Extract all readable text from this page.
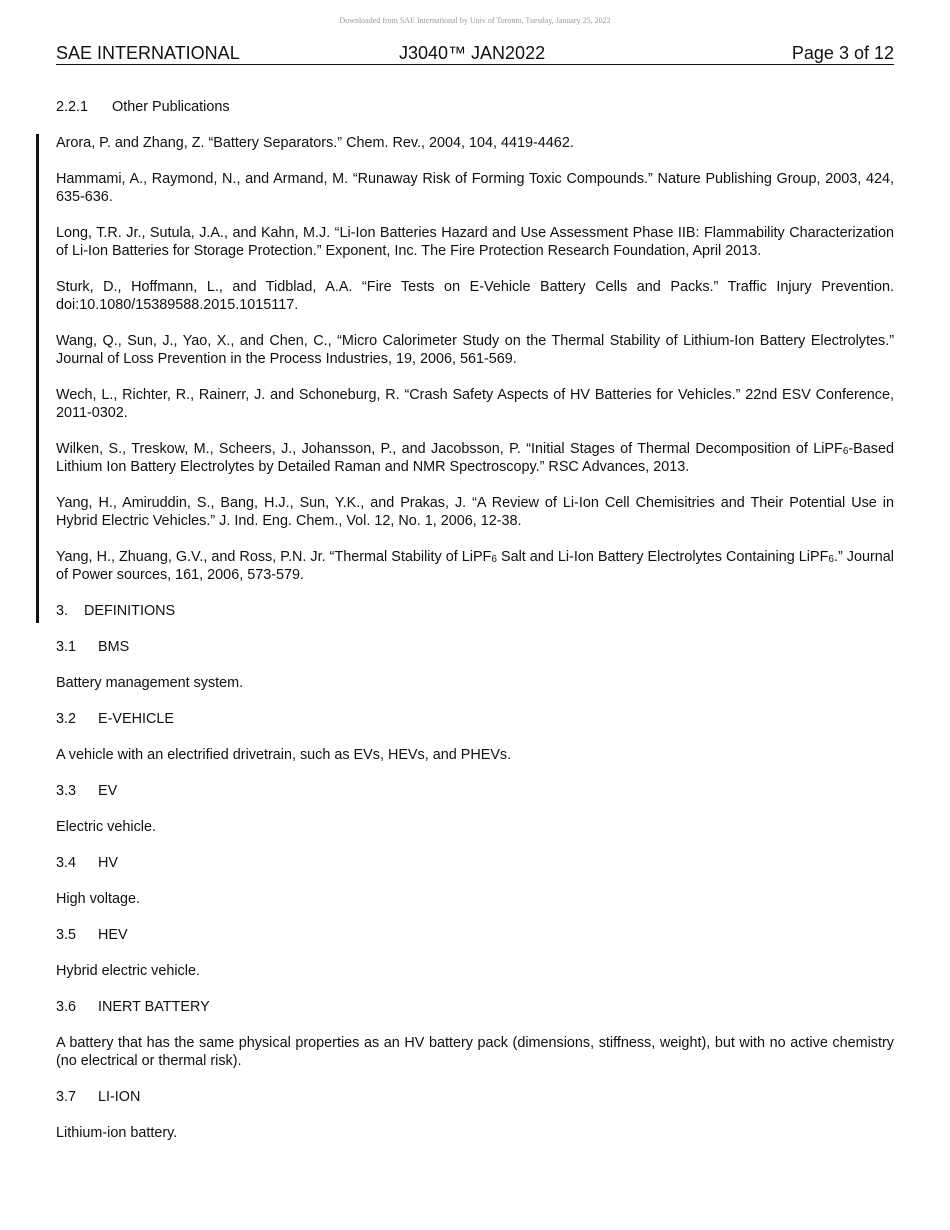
Downloaded from SAE International by Univ of Toronto, Tuesday, January 25, 2022
SAE INTERNATIONAL	J3040™ JAN2022	Page 3 of 12
2.2.1 Other Publications

Arora, P. and Zhang, Z. “Battery Separators.” Chem. Rev., 2004, 104, 4419-4462.

Hammami, A., Raymond, N., and Armand, M. “Runaway Risk of Forming Toxic Compounds.” Nature Publishing Group, 2003, 424, 635-636.

Long, T.R. Jr., Sutula, J.A., and Kahn, M.J. “Li-Ion Batteries Hazard and Use Assessment Phase IIB: Flammability Characterization of Li-Ion Batteries for Storage Protection.” Exponent, Inc. The Fire Protection Research Foundation, April 2013.

Sturk, D., Hoffmann, L., and Tidblad, A.A. “Fire Tests on E-Vehicle Battery Cells and Packs.” Traffic Injury Prevention. doi:10.1080/15389588.2015.1015117.

Wang, Q., Sun, J., Yao, X., and Chen, C., “Micro Calorimeter Study on the Thermal Stability of Lithium-Ion Battery Electrolytes.” Journal of Loss Prevention in the Process Industries, 19, 2006, 561-569.

Wech, L., Richter, R., Rainerr, J. and Schoneburg, R. “Crash Safety Aspects of HV Batteries for Vehicles.” 22nd ESV Conference, 2011-0302.

Wilken, S., Treskow, M., Scheers, J., Johansson, P., and Jacobsson, P. “Initial Stages of Thermal Decomposition of LiPF$_6$-Based Lithium Ion Battery Electrolytes by Detailed Raman and NMR Spectroscopy.” RSC Advances, 2013.

Yang, H., Amiruddin, S., Bang, H.J., Sun, Y.K., and Prakas, J. “A Review of Li-Ion Cell Chemisitries and Their Potential Use in Hybrid Electric Vehicles.” J. Ind. Eng. Chem., Vol. 12, No. 1, 2006, 12-38.

Yang, H., Zhuang, G.V., and Ross, P.N. Jr. “Thermal Stability of LiPF$_6$ Salt and Li-Ion Battery Electrolytes Containing LiPF$_6$.” Journal of Power sources, 161, 2006, 573-579.

3. DEFINITIONS
3.1 BMS

Battery management system.

3.2 E-VEHICLE

A vehicle with an electrified drivetrain, such as EVs, HEVs, and PHEVs.

3.3 EV

Electric vehicle.

3.4 HV

High voltage.

3.5 HEV

Hybrid electric vehicle.

3.6 INERT BATTERY

A battery that has the same physical properties as an HV battery pack (dimensions, stiffness, weight), but with no active chemistry (no electrical or thermal risk).

3.7 LI-ION

Lithium-ion battery.
